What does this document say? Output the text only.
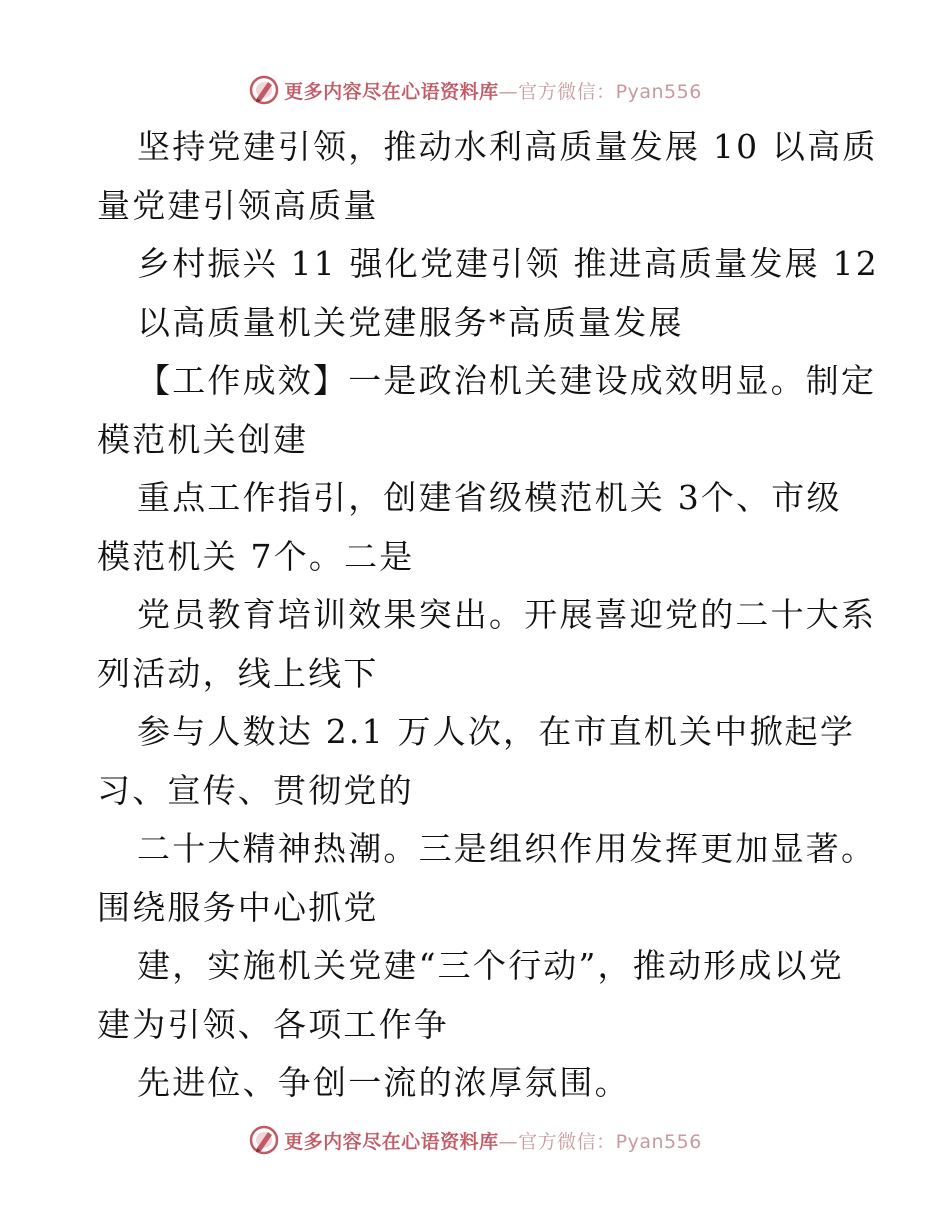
更多内容尽在心语资料库—官方微信：Pyan556
坚持党建引领，推动水利高质量发展 10 以高质
量党建引领高质量
乡村振兴 11 强化党建引领 推进高质量发展 12
以高质量机关党建服务*高质量发展
【工作成效】一是政治机关建设成效明显。制定
模范机关创建
重点工作指引，创建省级模范机关 3个、市级
模范机关 7个。二是
党员教育培训效果突出。开展喜迎党的二十大系
列活动，线上线下
参与人数达 2.1 万人次，在市直机关中掀起学
习、宣传、贯彻党的
二十大精神热潮。三是组织作用发挥更加显著。
围绕服务中心抓党
建，实施机关党建“三个行动”，推动形成以党
建为引领、各项工作争
先进位、争创一流的浓厚氛围。
更多内容尽在心语资料库—官方微信：Pyan556
